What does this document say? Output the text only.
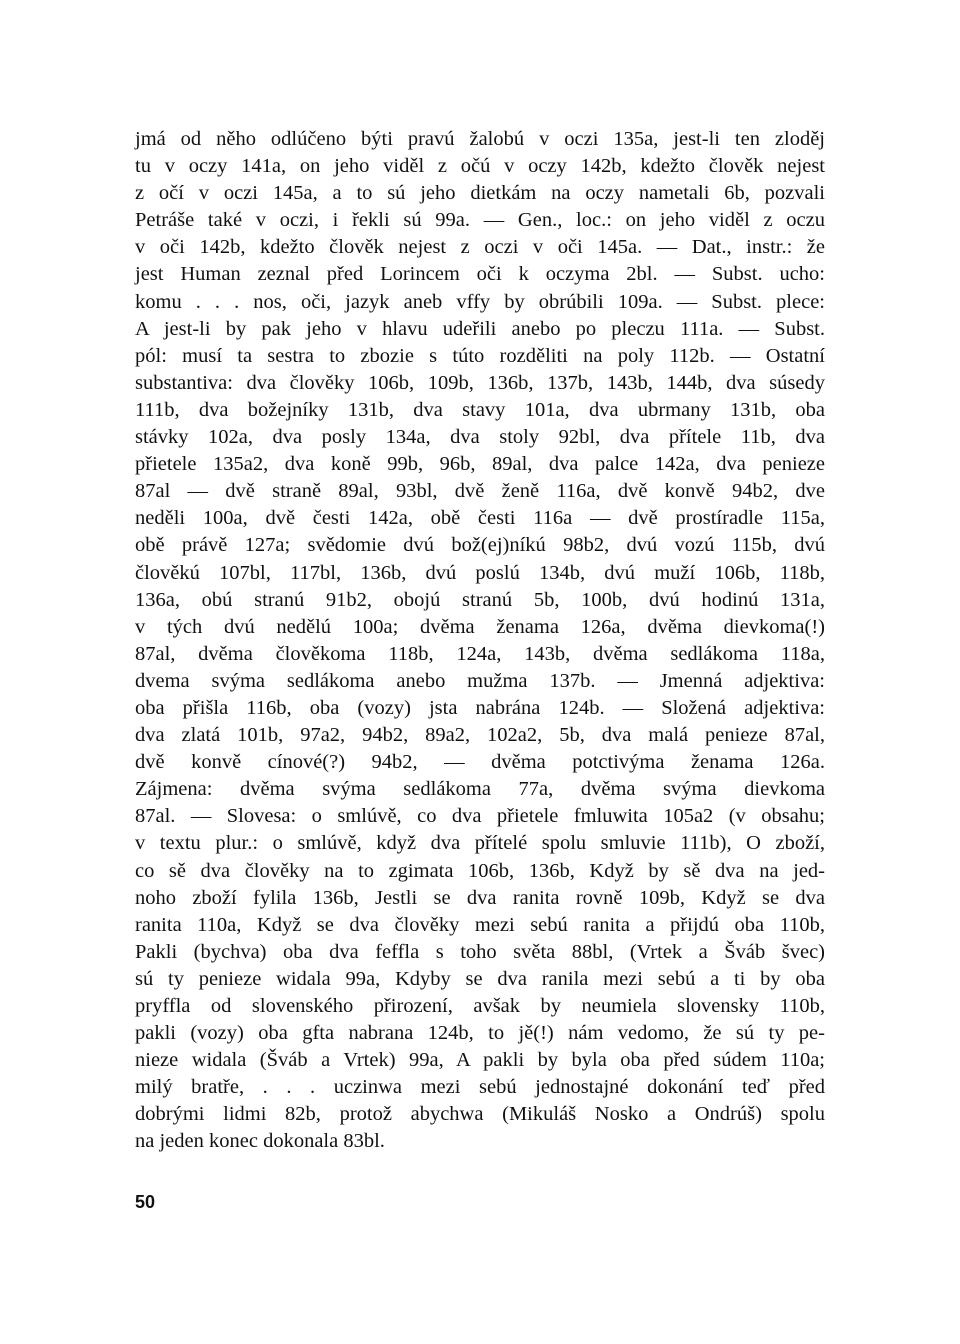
jmá od něho odlúčeno býti pravú žalobú v oczi 135a, jest-li ten zloděj
tu v oczy 141a, on jeho viděl z očú v oczy 142b, kdežto člověk nejest
z očí v oczi 145a, a to sú jeho dietkám na oczy nametali 6b, pozvali
Petráše také v oczi, i řekli sú 99a. — Gen., loc.: on jeho viděl z oczu
v oči 142b, kdežto člověk nejest z oczi v oči 145a. — Dat., instr.: že
jest Human zeznal před Lorincem oči k oczyma 2bl. — Subst. ucho:
komu . . . nos, oči, jazyk aneb vffy by obrúbili 109a. — Subst. plece:
A jest-li by pak jeho v hlavu udeřili anebo po pleczu 111a. — Subst.
pól: musí ta sestra to zbozie s túto rozděliti na poly 112b. — Ostatní
substantiva: dva člověky 106b, 109b, 136b, 137b, 143b, 144b, dva súsedy
111b, dva božejníky 131b, dva stavy 101a, dva ubrmany 131b, oba
stávky 102a, dva posly 134a, dva stoly 92bl, dva přítele 11b, dva
přietele 135a2, dva koně 99b, 96b, 89al, dva palce 142a, dva penieze
87al — dvě straně 89al, 93bl, dvě ženě 116a, dvě konvě 94b2, dve
neděli 100a, dvě česti 142a, obě česti 116a — dvě prostíradle 115a,
obě právě 127a; svědomie dvú bož(ej)níkú 98b2, dvú vozú 115b, dvú
člověkú 107bl, 117bl, 136b, dvú poslú 134b, dvú muží 106b, 118b,
136a, obú stranú 91b2, obojú stranú 5b, 100b, dvú hodinú 131a,
v tých dvú nedělú 100a; dvěma ženama 126a, dvěma dievkoma(!)
87al, dvěma člověkoma 118b, 124a, 143b, dvěma sedlákoma 118a,
dvema svýma sedlákoma anebo mužma 137b. — Jmenná adjektiva:
oba přišla 116b, oba (vozy) jsta nabrána 124b. — Složená adjektiva:
dva zlatá 101b, 97a2, 94b2, 89a2, 102a2, 5b, dva malá penieze 87al,
dvě konvě cínové(?) 94b2, — dvěma potctivýma ženama 126a.
Zájmena: dvěma svýma sedlákoma 77a, dvěma svýma dievkoma
87al. — Slovesa: o smlúvě, co dva přietele fmluwita 105a2 (v obsahu;
v textu plur.: o smlúvě, když dva přítelé spolu smluvie 111b), O zboží,
co sě dva člověky na to zgimata 106b, 136b, Když by sě dva na jed-
noho zboží fylila 136b, Jestli se dva ranita rovně 109b, Když se dva
ranita 110a, Když se dva člověky mezi sebú ranita a přijdú oba 110b,
Pakli (bychva) oba dva feffla s toho světa 88bl, (Vrtek a Šváb švec)
sú ty penieze widala 99a, Kdyby se dva ranila mezi sebú a ti by oba
pryffla od slovenského přirození, avšak by neumiela slovensky 110b,
pakli (vozy) oba gfta nabrana 124b, to jě(!) nám vedomo, že sú ty pe-
nieze widala (Šváb a Vrtek) 99a, A pakli by byla oba před súdem 110a;
milý bratře, . . . uczinwa mezi sebú jednostajné dokonání teď před
dobrými lidmi 82b, protož abychwa (Mikuláš Nosko a Ondrúš) spolu
na jeden konec dokonala 83bl.
50
